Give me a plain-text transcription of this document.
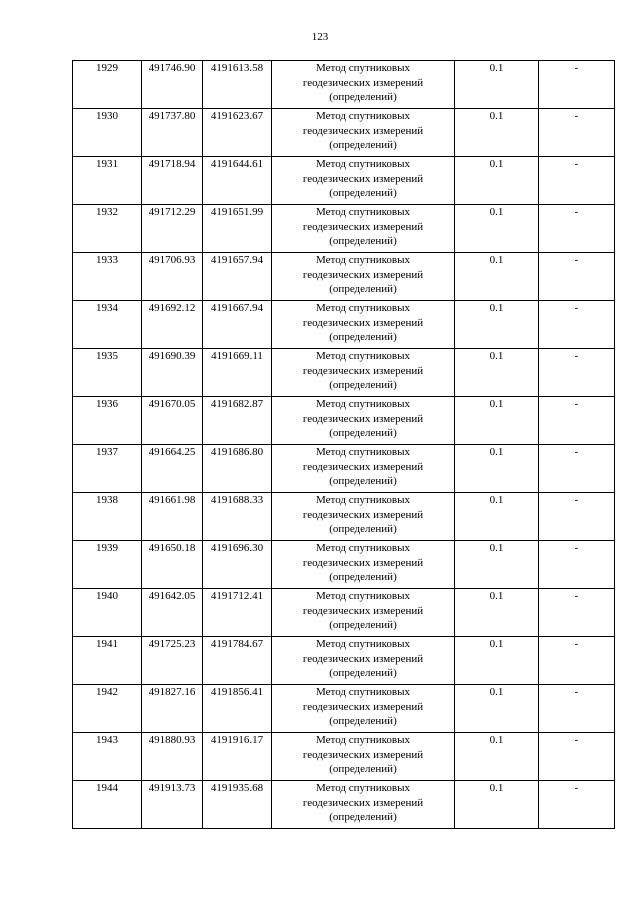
123
1929	491746.90	4191613.58	Метод спутниковых
геодезических измерений
(определений)	0.1	-
1930	491737.80	4191623.67	Метод спутниковых
геодезических измерений
(определений)	0.1	-
1931	491718.94	4191644.61	Метод спутниковых
геодезических измерений
(определений)	0.1	-
1932	491712.29	4191651.99	Метод спутниковых
геодезических измерений
(определений)	0.1	-
1933	491706.93	4191657.94	Метод спутниковых
геодезических измерений
(определений)	0.1	-
1934	491692.12	4191667.94	Метод спутниковых
геодезических измерений
(определений)	0.1	-
1935	491690.39	4191669.11	Метод спутниковых
геодезических измерений
(определений)	0.1	-
1936	491670.05	4191682.87	Метод спутниковых
геодезических измерений
(определений)	0.1	-
1937	491664.25	4191686.80	Метод спутниковых
геодезических измерений
(определений)	0.1	-
1938	491661.98	4191688.33	Метод спутниковых
геодезических измерений
(определений)	0.1	-
1939	491650.18	4191696.30	Метод спутниковых
геодезических измерений
(определений)	0.1	-
1940	491642.05	4191712.41	Метод спутниковых
геодезических измерений
(определений)	0.1	-
1941	491725.23	4191784.67	Метод спутниковых
геодезических измерений
(определений)	0.1	-
1942	491827.16	4191856.41	Метод спутниковых
геодезических измерений
(определений)	0.1	-
1943	491880.93	4191916.17	Метод спутниковых
геодезических измерений
(определений)	0.1	-
1944	491913.73	4191935.68	Метод спутниковых
геодезических измерений
(определений)	0.1	-
